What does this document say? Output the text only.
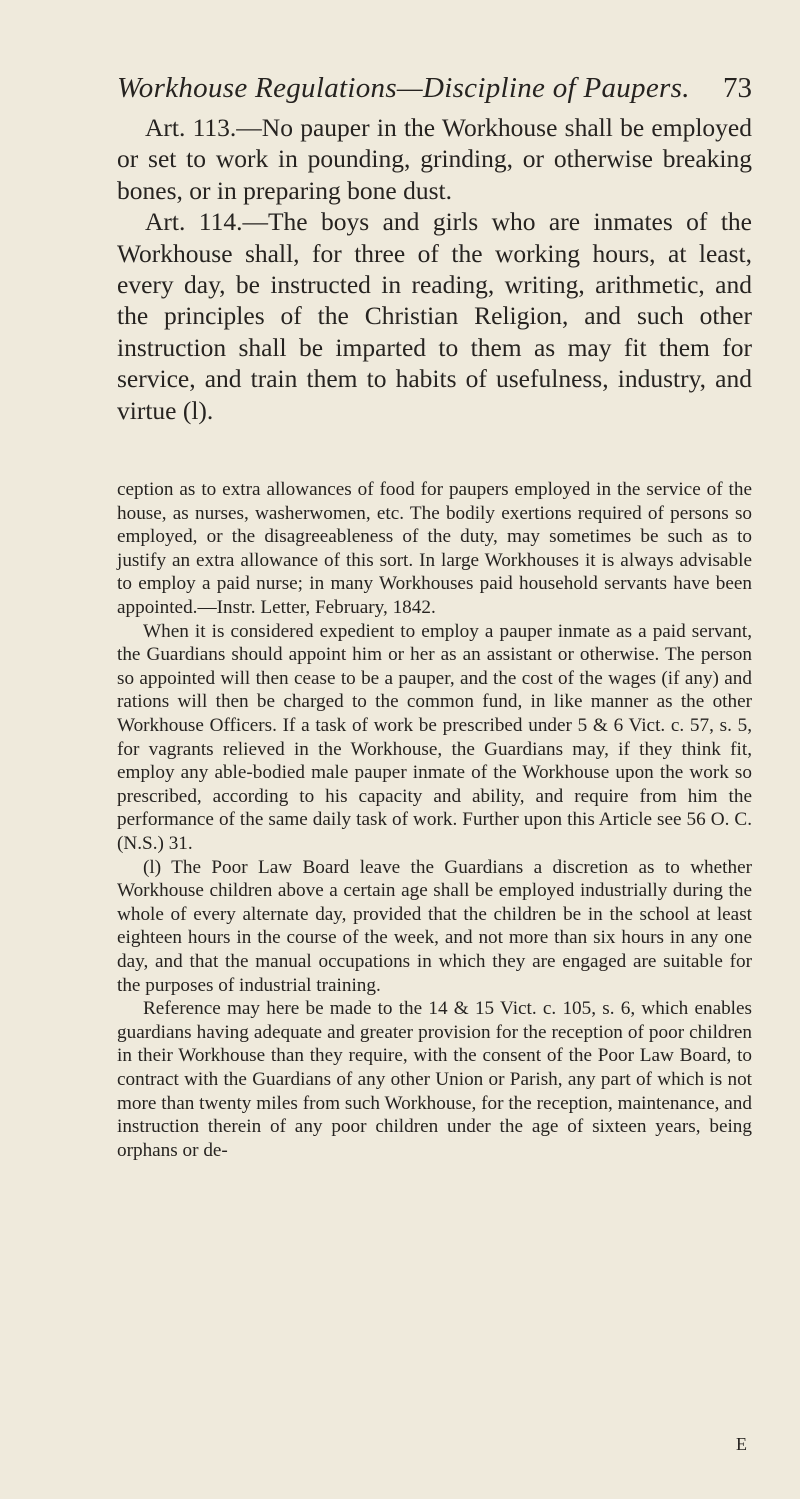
Workhouse Regulations—Discipline of Paupers. 73

Art. 113.—No pauper in the Workhouse shall be employed or set to work in pounding, grinding, or otherwise breaking bones, or in preparing bone dust.

Art. 114.—The boys and girls who are inmates of the Workhouse shall, for three of the working hours, at least, every day, be instructed in reading, writing, arithmetic, and the principles of the Christian Religion, and such other instruction shall be imparted to them as may fit them for service, and train them to habits of usefulness, industry, and virtue (l).

ception as to extra allowances of food for paupers employed in the service of the house, as nurses, washerwomen, etc. The bodily exertions required of persons so employed, or the disagreeableness of the duty, may sometimes be such as to justify an extra allowance of this sort. In large Workhouses it is always advisable to employ a paid nurse; in many Workhouses paid household servants have been appointed.—Instr. Letter, February, 1842.

When it is considered expedient to employ a pauper inmate as a paid servant, the Guardians should appoint him or her as an assistant or otherwise. The person so appointed will then cease to be a pauper, and the cost of the wages (if any) and rations will then be charged to the common fund, in like manner as the other Workhouse Officers. If a task of work be prescribed under 5 & 6 Vict. c. 57, s. 5, for vagrants relieved in the Workhouse, the Guardians may, if they think fit, employ any able-bodied male pauper inmate of the Workhouse upon the work so prescribed, according to his capacity and ability, and require from him the performance of the same daily task of work. Further upon this Article see 56 O. C. (N.S.) 31.

(l) The Poor Law Board leave the Guardians a discretion as to whether Workhouse children above a certain age shall be employed industrially during the whole of every alternate day, provided that the children be in the school at least eighteen hours in the course of the week, and not more than six hours in any one day, and that the manual occupations in which they are engaged are suitable for the purposes of industrial training.

Reference may here be made to the 14 & 15 Vict. c. 105, s. 6, which enables guardians having adequate and greater provision for the reception of poor children in their Workhouse than they require, with the consent of the Poor Law Board, to contract with the Guardians of any other Union or Parish, any part of which is not more than twenty miles from such Workhouse, for the reception, maintenance, and instruction therein of any poor children under the age of sixteen years, being orphans or de-

E
